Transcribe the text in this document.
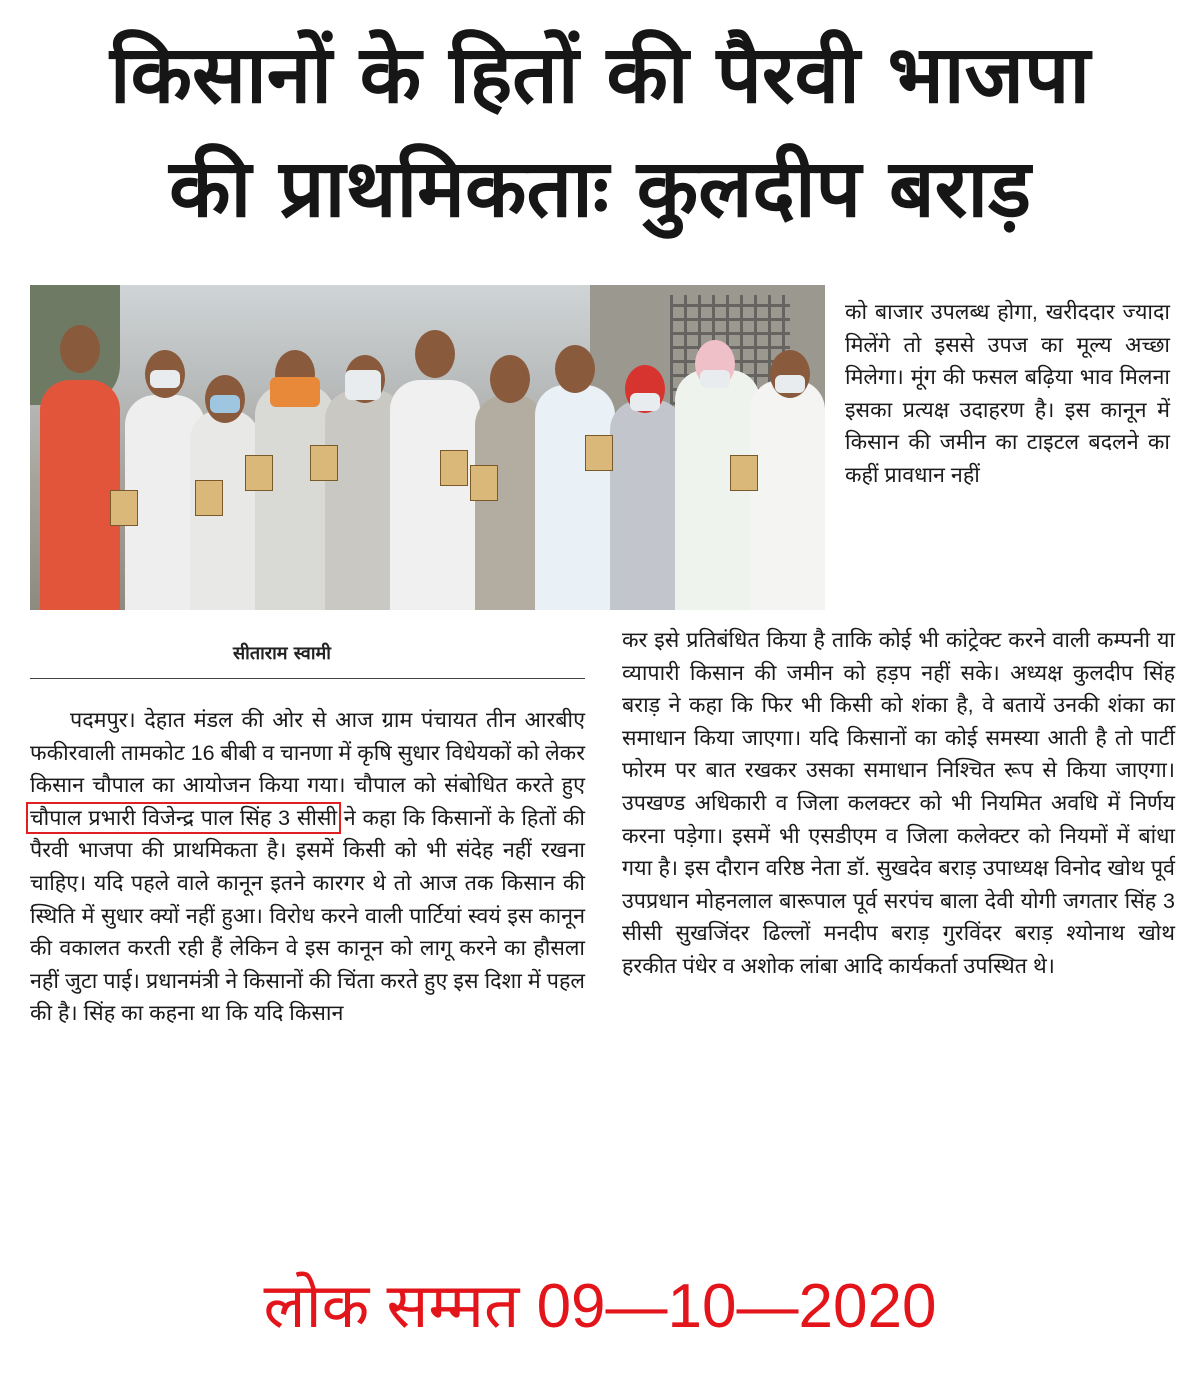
किसानों के हितों की पैरवी भाजपा
की प्राथमिकताः कुलदीप बराड़

को बाजार उपलब्ध होगा, खरीददार ज्यादा मिलेंगे तो इससे उपज का मूल्य अच्छा मिलेगा। मूंग की फसल बढ़िया भाव मिलना इसका प्रत्यक्ष उदाहरण है। इस कानून में किसान की जमीन का टाइटल बदलने का कहीं प्रावधान नहीं

सीताराम स्वामी

पदमपुर। देहात मंडल की ओर से आज ग्राम पंचायत तीन आरबीए फकीरवाली तामकोट 16 बीबी व चानणा में कृषि सुधार विधेयकों को लेकर किसान चौपाल का आयोजन किया गया। चौपाल को संबोधित करते हुए चौपाल प्रभारी विजेन्द्र पाल सिंह 3 सीसी ने कहा कि किसानों के हितों की पैरवी भाजपा की प्राथमिकता है। इसमें किसी को भी संदेह नहीं रखना चाहिए। यदि पहले वाले कानून इतने कारगर थे तो आज तक किसान की स्थिति में सुधार क्यों नहीं हुआ। विरोध करने वाली पार्टियां स्वयं इस कानून की वकालत करती रही हैं लेकिन वे इस कानून को लागू करने का हौसला नहीं जुटा पाई। प्रधानमंत्री ने किसानों की चिंता करते हुए इस दिशा में पहल की है। सिंह का कहना था कि यदि किसान

कर इसे प्रतिबंधित किया है ताकि कोई भी कांट्रेक्ट करने वाली कम्पनी या व्यापारी किसान की जमीन को हड़प नहीं सके। अध्यक्ष कुलदीप सिंह बराड़ ने कहा कि फिर भी किसी को शंका है, वे बतायें उनकी शंका का समाधान किया जाएगा। यदि किसानों का कोई समस्या आती है तो पार्टी फोरम पर बात रखकर उसका समाधान निश्चित रूप से किया जाएगा। उपखण्ड अधिकारी व जिला कलक्टर को भी नियमित अवधि में निर्णय करना पड़ेगा। इसमें भी एसडीएम व जिला कलेक्टर को नियमों में बांधा गया है। इस दौरान वरिष्ठ नेता डॉ. सुखदेव बराड़ उपाध्यक्ष विनोद खोथ पूर्व उपप्रधान मोहनलाल बारूपाल पूर्व सरपंच बाला देवी योगी जगतार सिंह 3 सीसी सुखजिंदर ढिल्लों मनदीप बराड़ गुरविंदर बराड़ श्योनाथ खोथ हरकीत पंधेर व अशोक लांबा आदि कार्यकर्ता उपस्थित थे।

लोक सम्मत 09—10—2020
